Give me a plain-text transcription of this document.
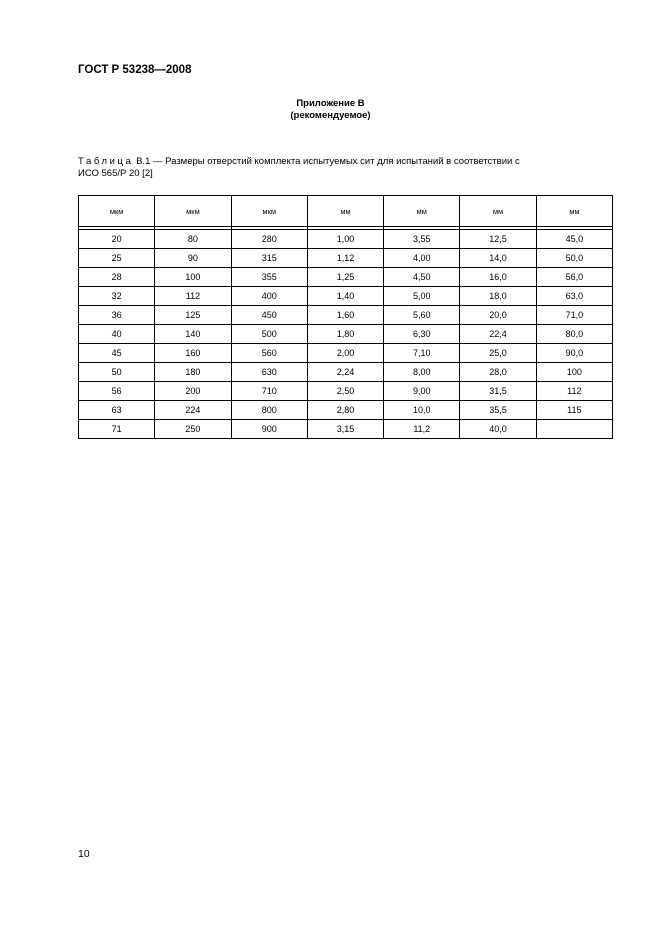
ГОСТ Р 53238—2008
Приложение В
(рекомендуемое)
Таблица В.1 — Размеры отверстий комплекта испытуемых сит для испытаний в соответствии с
ИСО 565/Р 20 [2]
мкм	мкм	мкм	мм	мм	мм	мм

20	80	280	1,00	3,55	12,5	45,0
25	90	315	1,12	4,00	14,0	50,0
28	100	355	1,25	4,50	16,0	56,0
32	112	400	1,40	5,00	18,0	63,0
36	125	450	1,60	5,60	20,0	71,0
40	140	500	1,80	6,30	22,4	80,0
45	160	560	2,00	7,10	25,0	90,0
50	180	630	2,24	8,00	28,0	100
56	200	710	2,50	9,00	31,5	112
63	224	800	2,80	10,0	35,5	115
71	250	900	3,15	11,2	40,0	
10
